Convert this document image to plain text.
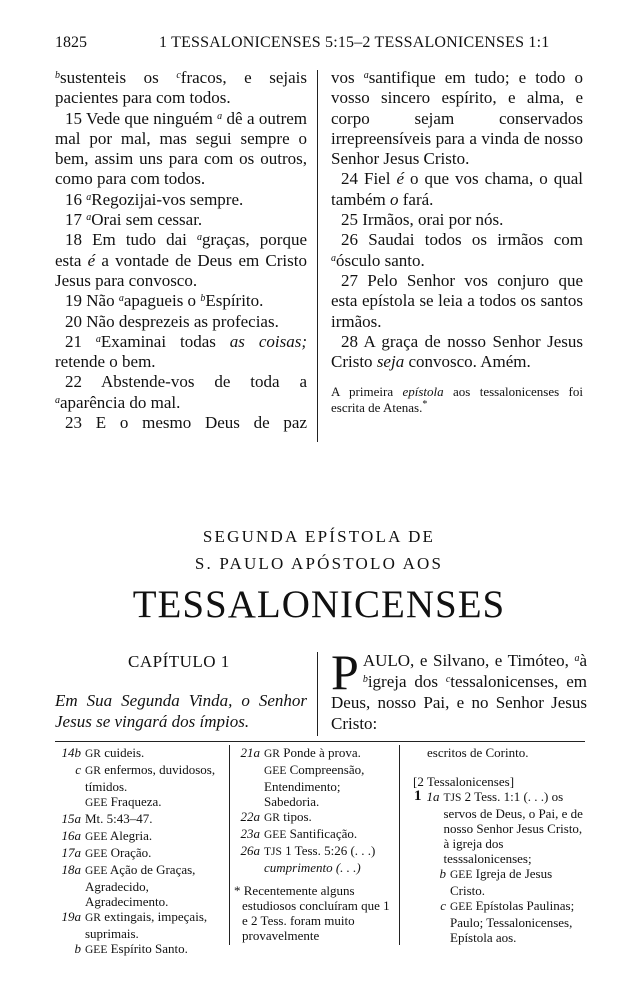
1825	1 TESSALONICENSES 5:15–2 TESSALONICENSES 1:1

$^b$sustenteis os $^c$fracos, e sejais pacientes para com todos.

15 Vede que ninguém $^a$ dê a outrem mal por mal, mas segui sempre o bem, assim uns para com os outros, como para com todos.

16 $^a$Regozijai-vos sempre.

17 $^a$Orai sem cessar.

18 Em tudo dai $^a$graças, porque esta é a vontade de Deus em Cristo Jesus para convosco.

19 Não $^a$apagueis o $^b$Espírito.

20 Não desprezeis as profecias.

21 $^a$Examinai todas as coisas; retende o bem.

22 Abstende-vos de toda a $^a$aparência do mal.

23 E o mesmo Deus de paz

vos $^a$santifique em tudo; e todo o vosso sincero espírito, e alma, e corpo sejam conservados irrepreensíveis para a vinda de nosso Senhor Jesus Cristo.

24 Fiel é o que vos chama, o qual também o fará.

25 Irmãos, orai por nós.

26 Saudai todos os irmãos com $^a$ósculo santo.

27 Pelo Senhor vos conjuro que esta epístola se leia a todos os santos irmãos.

28 A graça de nosso Senhor Jesus Cristo seja convosco. Amém.

A primeira epístola aos tessalonicenses foi escrita de Atenas.*

SEGUNDA EPÍSTOLA DE
S. PAULO APÓSTOLO AOS
TESSALONICENSES
CAPÍTULO 1
Em Sua Segunda Vinda, o Senhor Jesus se vingará dos ímpios.
PAULO, e Silvano, e Timóteo, $^a$à $^b$igreja dos $^c$tessalonicenses, em Deus, nosso Pai, e no Senhor Jesus Cristo:
14b GR cuideis.
c GR enfermos, duvidosos, tímidos.
GEE Fraqueza.
15a Mt. 5:43–47.
16a GEE Alegria.
17a GEE Oração.
18a GEE Ação de Graças, Agradecido, Agradecimento.
19a GR extingais, impeçais, suprimais.
b GEE Espírito Santo.
21a GR Ponde à prova.
GEE Compreensão, Entendimento; Sabedoria.
22a GR tipos.
23a GEE Santificação.
26a TJS 1 Tess. 5:26 (. . .)
cumprimento (. . .)
* Recentemente alguns estudiosos concluíram que 1 e 2 Tess. foram muito provavelmente
escritos de Corinto.
[2 Tessalonicenses]
1 1a TJS 2 Tess. 1:1 (. . .) os servos de Deus, o Pai, e de nosso Senhor Jesus Cristo, à igreja dos tesssalonicenses;
b GEE Igreja de Jesus Cristo.
c GEE Epístolas Paulinas; Paulo; Tessalonicenses, Epístola aos.
